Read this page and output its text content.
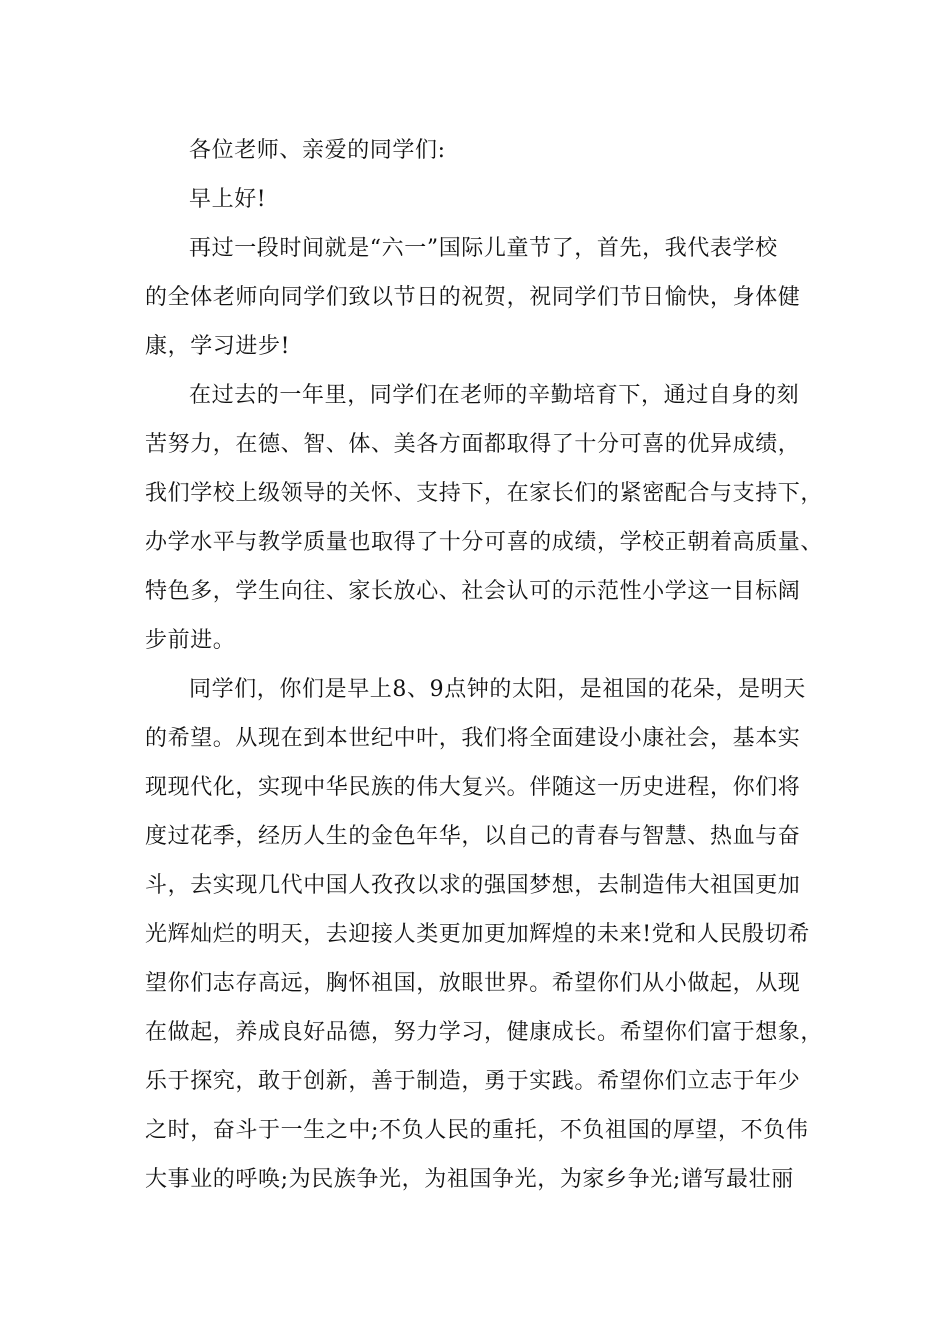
各位老师、亲爱的同学们:
早上好!
再过一段时间就是“六一”国际儿童节了，首先，我代表学校
的全体老师向同学们致以节日的祝贺，祝同学们节日愉快，身体健
康，学习进步!
在过去的一年里，同学们在老师的辛勤培育下，通过自身的刻
苦努力，在德、智、体、美各方面都取得了十分可喜的优异成绩，
我们学校上级领导的关怀、支持下，在家长们的紧密配合与支持下，
办学水平与教学质量也取得了十分可喜的成绩，学校正朝着高质量、
特色多，学生向往、家长放心、社会认可的示范性小学这一目标阔
步前进。
同学们，你们是早上8、9点钟的太阳，是祖国的花朵，是明天
的希望。从现在到本世纪中叶，我们将全面建设小康社会，基本实
现现代化，实现中华民族的伟大复兴。伴随这一历史进程，你们将
度过花季，经历人生的金色年华，以自己的青春与智慧、热血与奋
斗，去实现几代中国人孜孜以求的强国梦想，去制造伟大祖国更加
光辉灿烂的明天，去迎接人类更加更加辉煌的未来!党和人民殷切希
望你们志存高远，胸怀祖国，放眼世界。希望你们从小做起，从现
在做起，养成良好品德，努力学习，健康成长。希望你们富于想象，
乐于探究，敢于创新，善于制造，勇于实践。希望你们立志于年少
之时，奋斗于一生之中;不负人民的重托，不负祖国的厚望，不负伟
大事业的呼唤;为民族争光，为祖国争光，为家乡争光;谱写最壮丽
